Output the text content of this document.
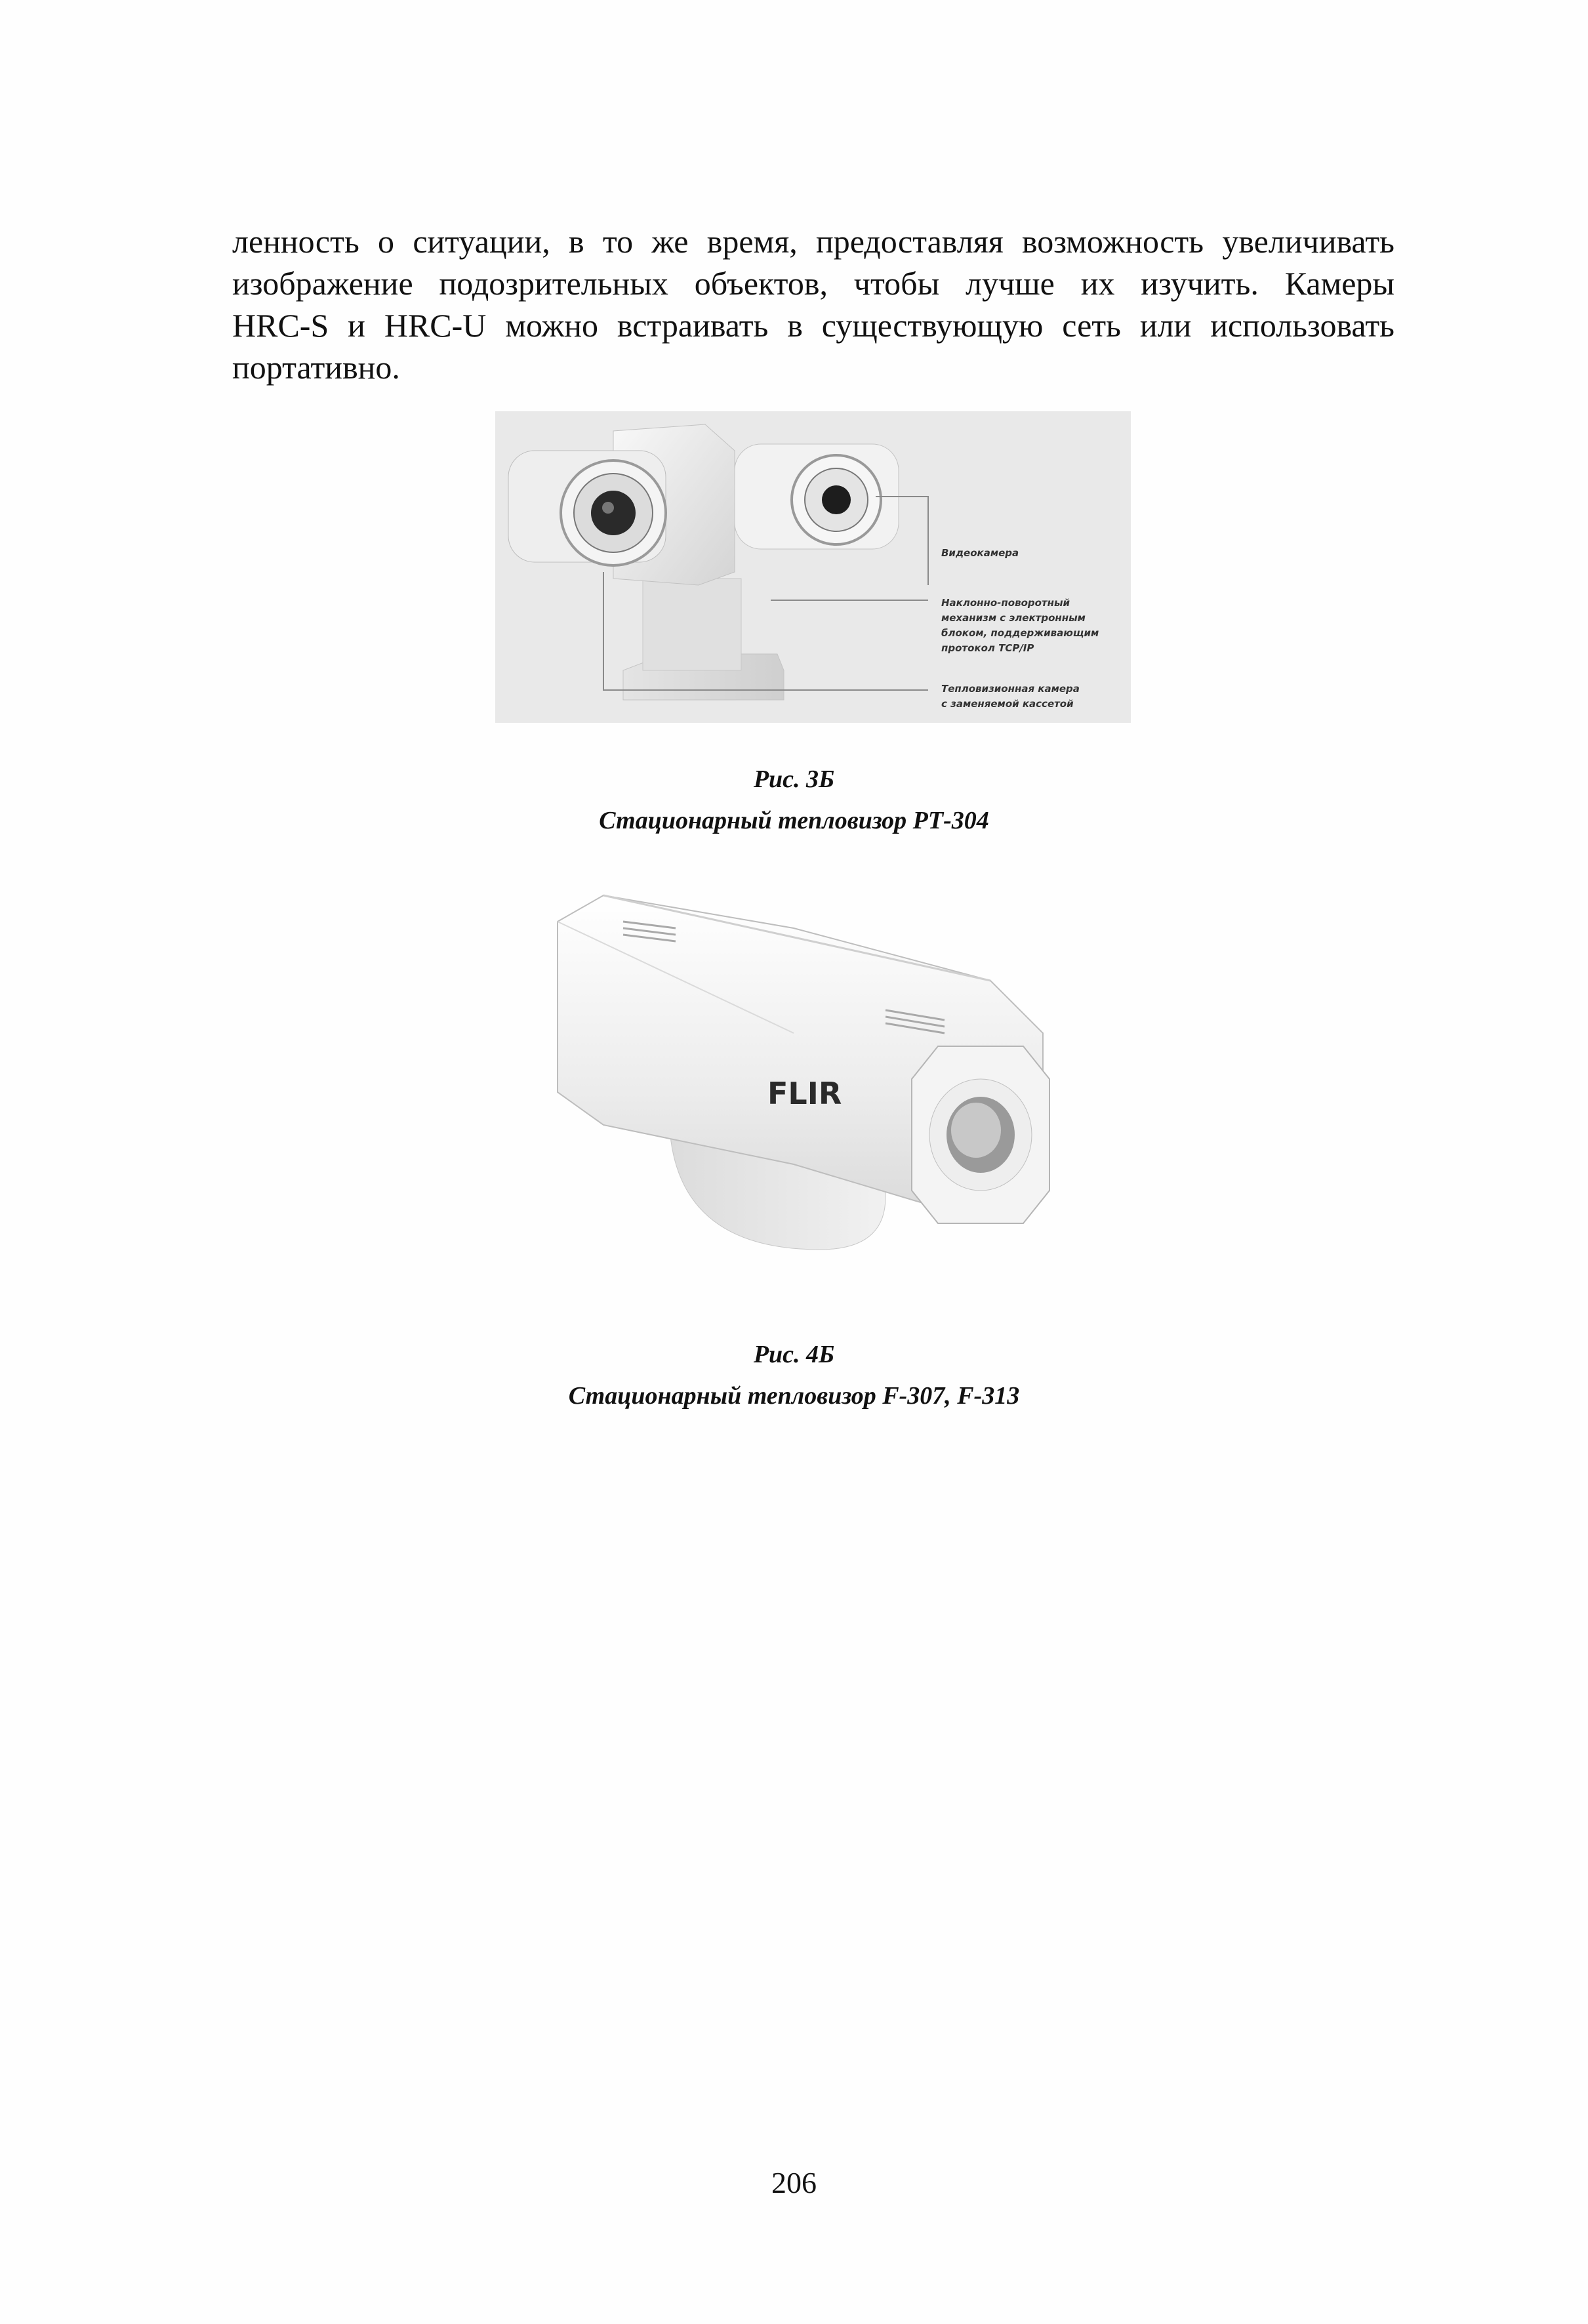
ленность о ситуации, в то же время, предоставляя возможность увеличивать
изображение подозрительных объектов, чтобы лучше их изучить. Камеры
HRC-S и HRC-U можно встраивать в существующую сеть или использовать
портативно.
Видеокамера
Наклонно-поворотный
механизм с электронным
блоком, поддерживающим
протокол TCP/IP
Тепловизионная камера
с заменяемой кассетой

Рис. 3Б

Стационарный тепловизор РТ-304

FLIR

Рис. 4Б

Стационарный тепловизор F-307, F-313

206
